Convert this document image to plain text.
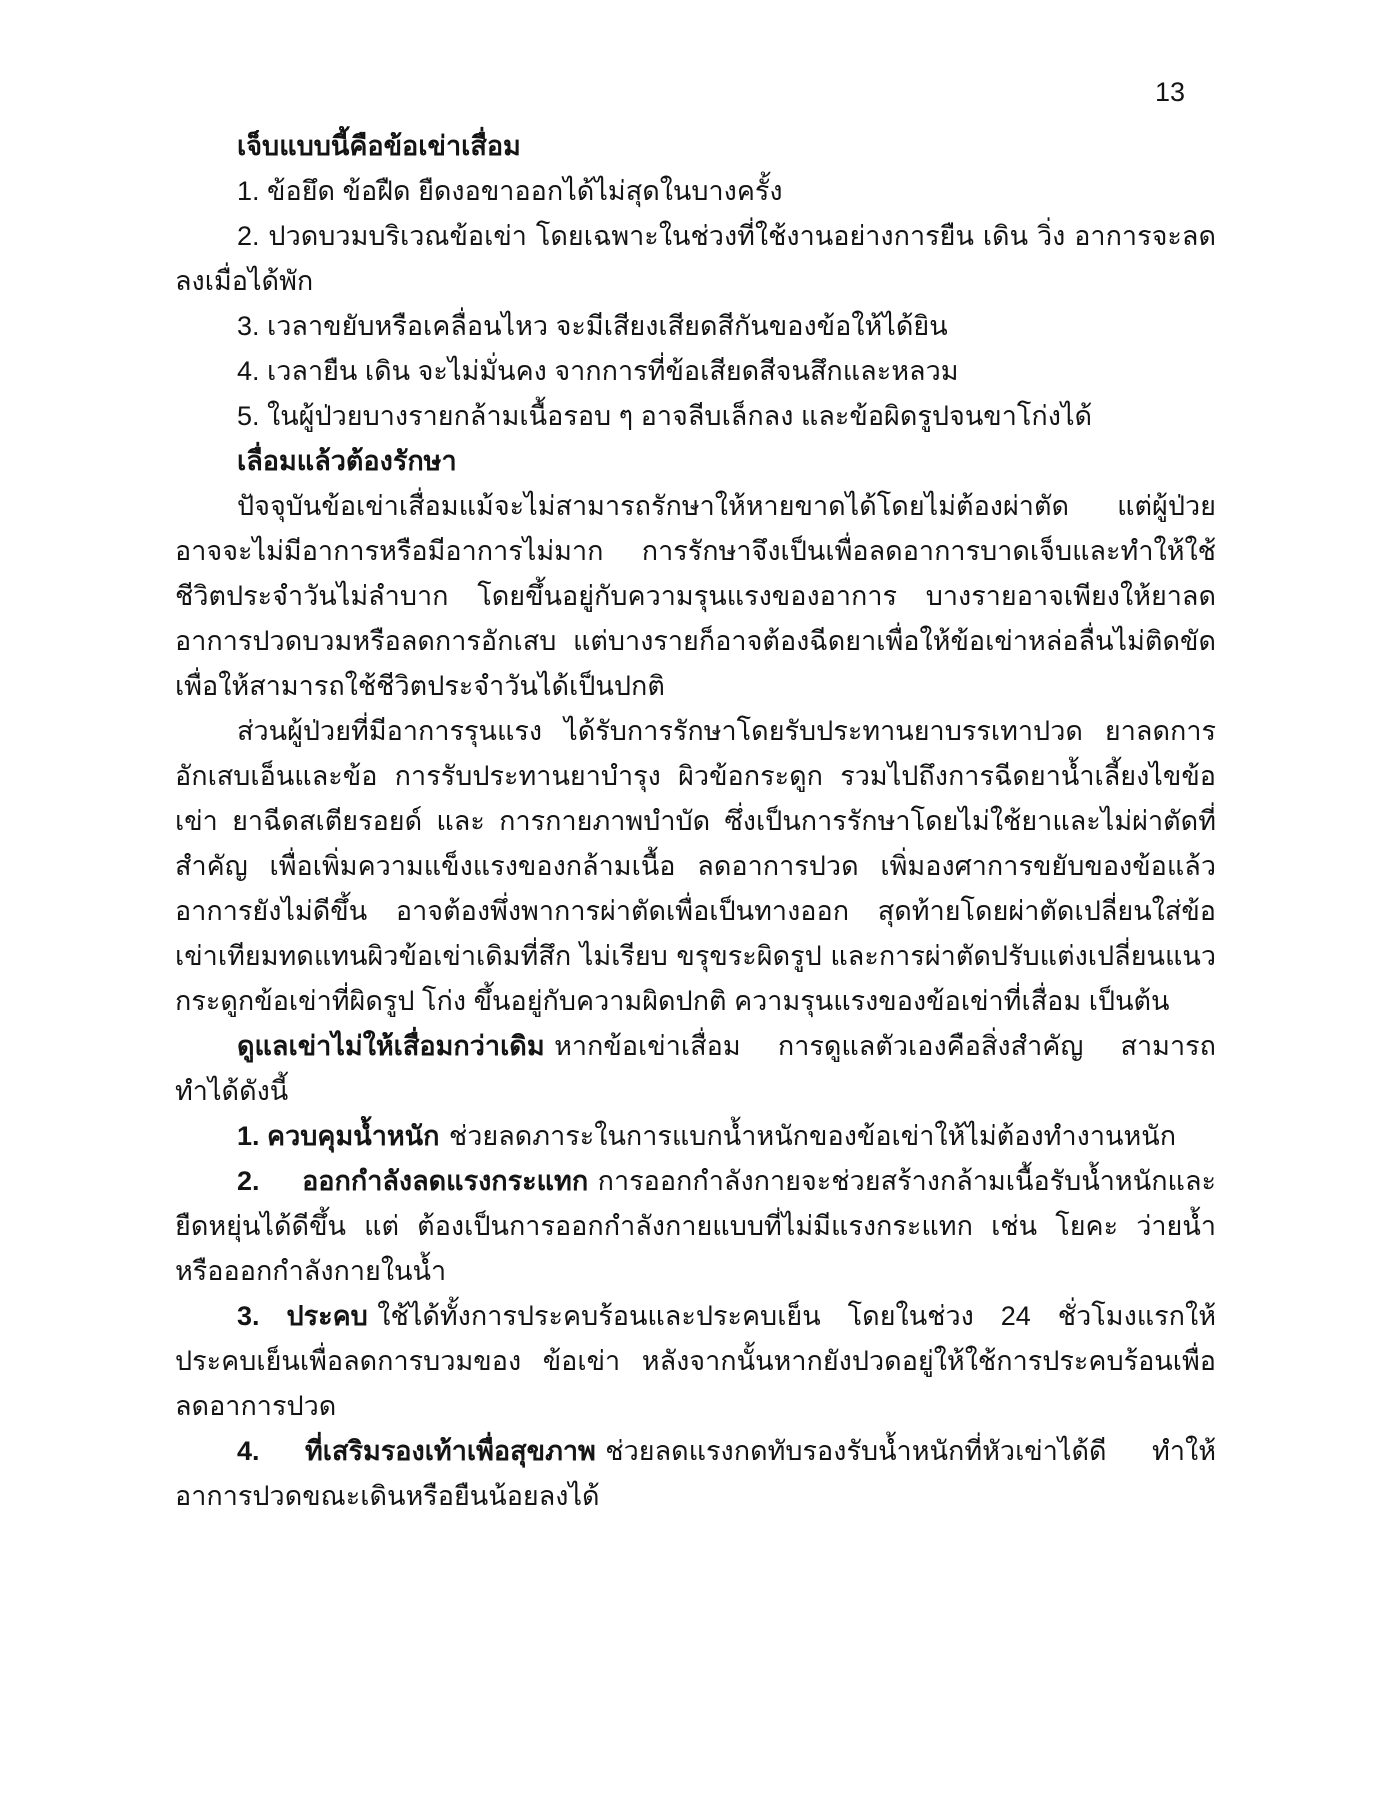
13

เจ็บแบบนี้คือข้อเข่าเสื่อม

1. ข้อยึด ข้อฝืด ยืดงอขาออกได้ไม่สุดในบางครั้ง

2. ปวดบวมบริเวณข้อเข่า โดยเฉพาะในช่วงที่ใช้งานอย่างการยืน เดิน วิ่ง อาการจะลดลงเมื่อได้พัก

3. เวลาขยับหรือเคลื่อนไหว จะมีเสียงเสียดสีกันของข้อให้ได้ยิน

4. เวลายืน เดิน จะไม่มั่นคง จากการที่ข้อเสียดสีจนสึกและหลวม

5. ในผู้ป่วยบางรายกล้ามเนื้อรอบ ๆ อาจลีบเล็กลง และข้อผิดรูปจนขาโก่งได้

เลื่อมแล้วต้องรักษา

ปัจจุบันข้อเข่าเสื่อมแม้จะไม่สามารถรักษาให้หายขาดได้โดยไม่ต้องผ่าตัด แต่ผู้ป่วยอาจจะไม่มีอาการหรือมีอาการไม่มาก การรักษาจึงเป็นเพื่อลดอาการบาดเจ็บและทำให้ใช้ชีวิตประจำวันไม่ลำบาก โดยขึ้นอยู่กับความรุนแรงของอาการ บางรายอาจเพียงให้ยาลดอาการปวดบวมหรือลดการอักเสบ แต่บางรายก็อาจต้องฉีดยาเพื่อให้ข้อเข่าหล่อลื่นไม่ติดขัด เพื่อให้สามารถใช้ชีวิตประจำวันได้เป็นปกติ

ส่วนผู้ป่วยที่มีอาการรุนแรง ได้รับการรักษาโดยรับประทานยาบรรเทาปวด ยาลดการอักเสบเอ็นและข้อ การรับประทานยาบำรุง ผิวข้อกระดูก รวมไปถึงการฉีดยาน้ำเลี้ยงไขข้อเข่า ยาฉีดสเตียรอยด์ และ การกายภาพบำบัด ซึ่งเป็นการรักษาโดยไม่ใช้ยาและไม่ผ่าตัดที่สำคัญ เพื่อเพิ่มความแข็งแรงของกล้ามเนื้อ ลดอาการปวด เพิ่มองศาการขยับของข้อแล้วอาการยังไม่ดีขึ้น อาจต้องพึ่งพาการผ่าตัดเพื่อเป็นทางออก สุดท้ายโดยผ่าตัดเปลี่ยนใส่ข้อเข่าเทียมทดแทนผิวข้อเข่าเดิมที่สึก ไม่เรียบ ขรุขระผิดรูป และการผ่าตัดปรับแต่งเปลี่ยนแนวกระดูกข้อเข่าที่ผิดรูป โก่ง ขึ้นอยู่กับความผิดปกติ ความรุนแรงของข้อเข่าที่เสื่อม เป็นต้น

ดูแลเข่าไม่ให้เสื่อมกว่าเดิม หากข้อเข่าเสื่อม การดูแลตัวเองคือสิ่งสำคัญ สามารถทำได้ดังนี้

1. ควบคุมน้ำหนัก ช่วยลดภาระในการแบกน้ำหนักของข้อเข่าให้ไม่ต้องทำงานหนัก

2. ออกกำลังลดแรงกระแทก การออกกำลังกายจะช่วยสร้างกล้ามเนื้อรับน้ำหนักและยืดหยุ่นได้ดีขึ้น แต่ ต้องเป็นการออกกำลังกายแบบที่ไม่มีแรงกระแทก เช่น โยคะ ว่ายน้ำ หรือออกกำลังกายในน้ำ

3. ประคบ ใช้ได้ทั้งการประคบร้อนและประคบเย็น โดยในช่วง 24 ชั่วโมงแรกให้ประคบเย็นเพื่อลดการบวมของ ข้อเข่า หลังจากนั้นหากยังปวดอยู่ให้ใช้การประคบร้อนเพื่อลดอาการปวด

4. ที่เสริมรองเท้าเพื่อสุขภาพ ช่วยลดแรงกดทับรองรับน้ำหนักที่หัวเข่าได้ดี ทำให้อาการปวดขณะเดินหรือยืนน้อยลงได้
